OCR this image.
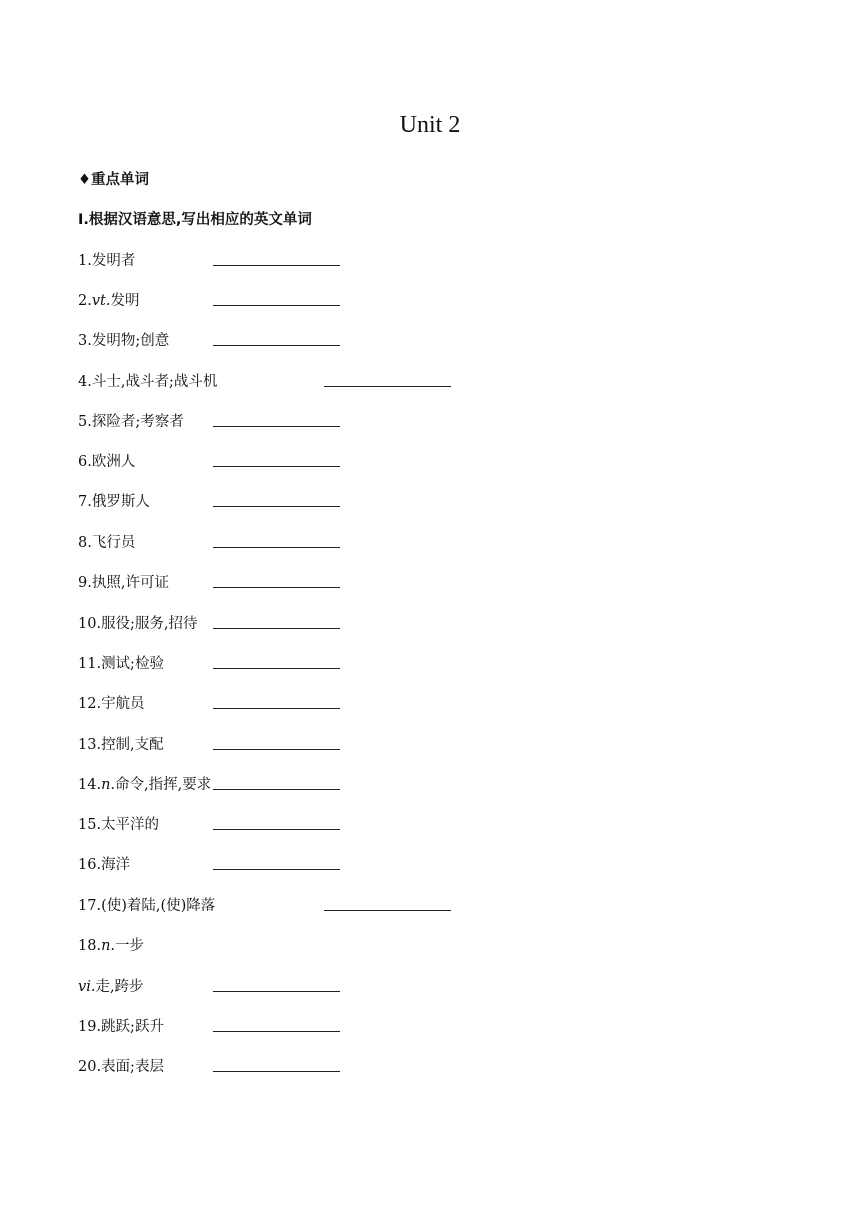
Unit 2
♦重点单词
Ⅰ.根据汉语意思,写出相应的英文单词
1.发明者
2.vt.发明
3.发明物;创意
4.斗士,战斗者;战斗机
5.探险者;考察者
6.欧洲人
7.俄罗斯人
8.飞行员
9.执照,许可证
10.服役;服务,招待
11.测试;检验
12.宇航员
13.控制,支配
14.n.命令,指挥,要求
15.太平洋的
16.海洋
17.(使)着陆,(使)降落
18.n.一步
vi.走,跨步
19.跳跃;跃升
20.表面;表层
